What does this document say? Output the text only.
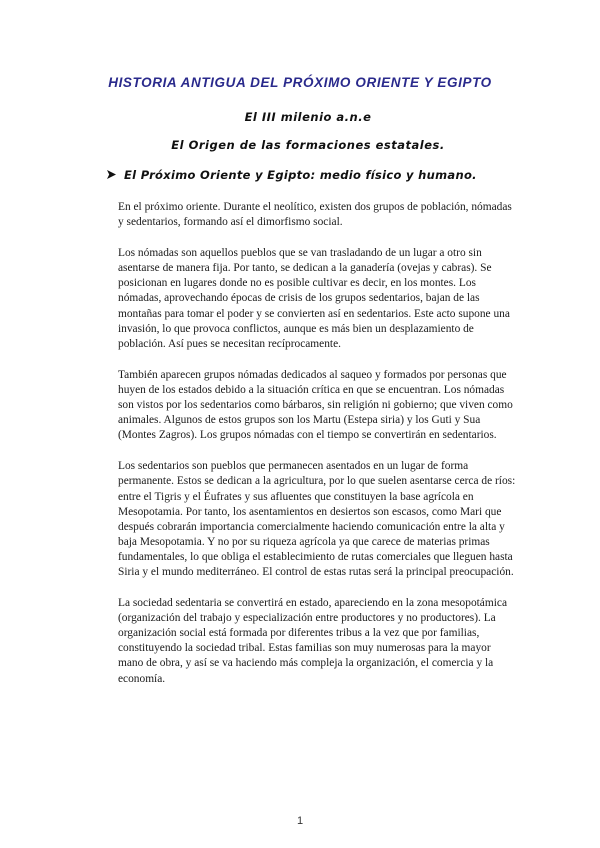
HISTORIA ANTIGUA DEL PRÓXIMO ORIENTE Y EGIPTO
El III milenio a.n.e
El Origen de las formaciones estatales.
El Próximo Oriente y Egipto: medio físico y humano.

En el próximo oriente. Durante el neolítico, existen dos grupos de población, nómadas y sedentarios, formando así el dimorfismo social.

Los nómadas son aquellos pueblos que se van trasladando de un lugar a otro sin asentarse de manera fija. Por tanto, se dedican a la ganadería (ovejas y cabras). Se posicionan en lugares donde no es posible cultivar es decir, en los montes. Los nómadas, aprovechando épocas de crisis de los grupos sedentarios, bajan de las montañas para tomar el poder y se convierten así en sedentarios. Este acto supone una invasión, lo que provoca conflictos, aunque es más bien un desplazamiento de población. Así pues se necesitan recíprocamente.

También aparecen grupos nómadas dedicados al saqueo y formados por personas que huyen de los estados debido a la situación crítica en que se encuentran. Los nómadas son vistos por los sedentarios como bárbaros, sin religión ni gobierno; que viven como animales. Algunos de estos grupos son los Martu (Estepa siria) y los Guti y Sua (Montes Zagros). Los grupos nómadas con el tiempo se convertirán en sedentarios.

Los sedentarios son pueblos que permanecen asentados en un lugar de forma permanente. Estos se dedican a la agricultura, por lo que suelen asentarse cerca de ríos: entre el Tigris y el Éufrates y sus afluentes que constituyen la base agrícola en Mesopotamia. Por tanto, los asentamientos en desiertos son escasos, como Mari que después cobrarán importancia comercialmente haciendo comunicación entre la alta y baja Mesopotamia. Y no por su riqueza agrícola ya que carece de materias primas fundamentales, lo que obliga el establecimiento de rutas comerciales que lleguen hasta Siria y el mundo mediterráneo. El control de estas rutas será la principal preocupación.

La sociedad sedentaria se convertirá en estado, apareciendo en la zona mesopotámica (organización del trabajo y especialización entre productores y no productores). La organización social está formada por diferentes tribus a la vez que por familias, constituyendo la sociedad tribal. Estas familias son muy numerosas para la mayor mano de obra, y así se va haciendo más compleja la organización, el comercia y la economía.

1
